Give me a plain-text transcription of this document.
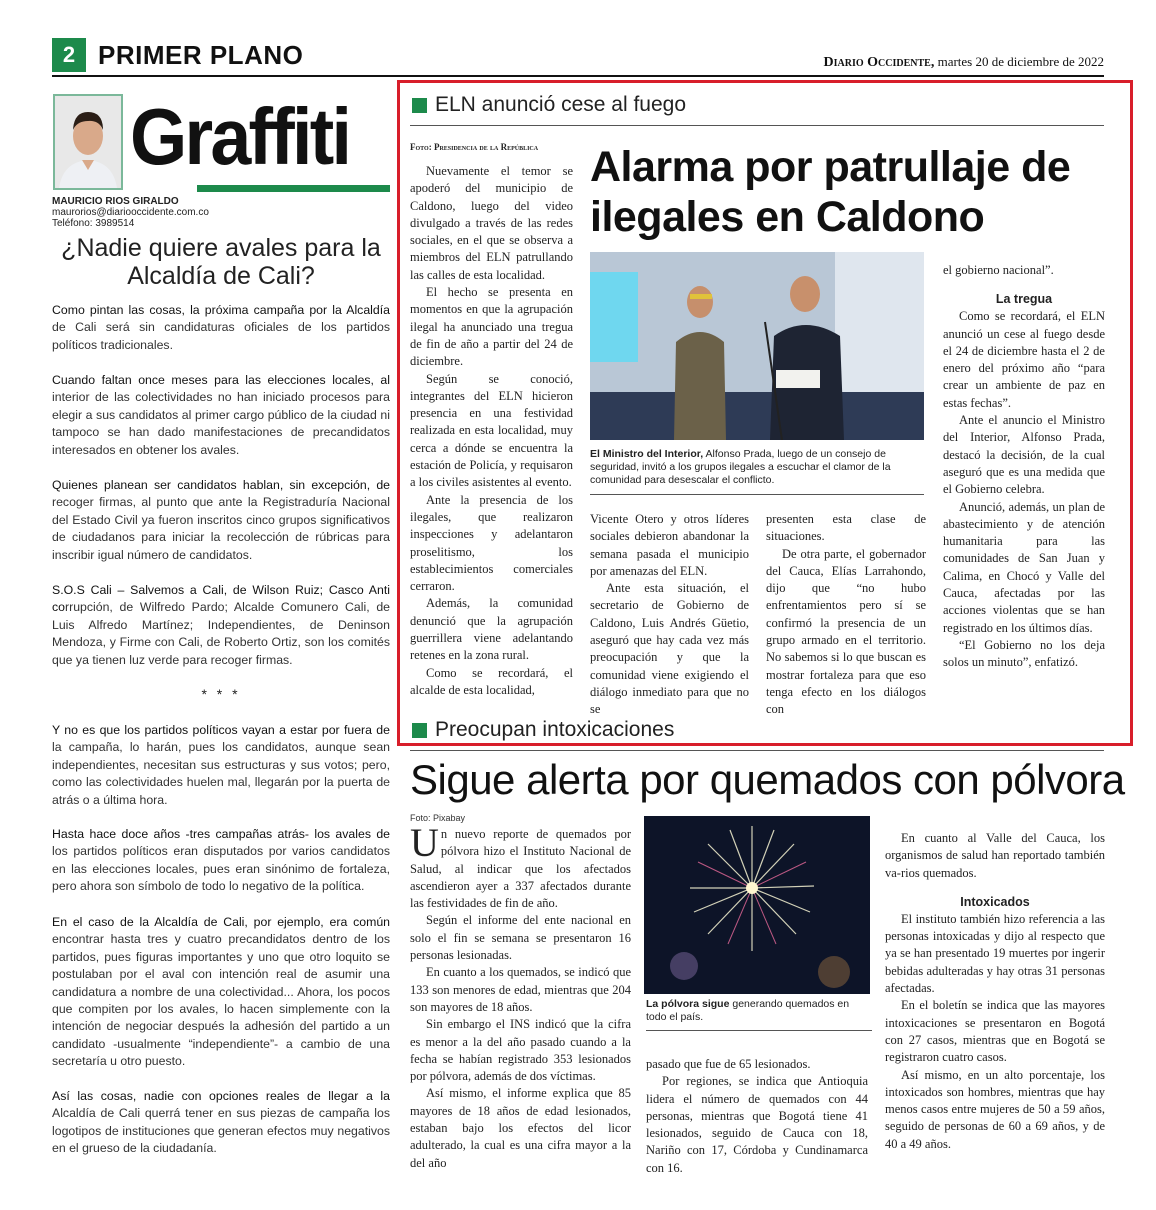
2 PRIMER PLANO	Diario Occidente, martes 20 de diciembre de 2022
Graffiti
MAURICIO RIOS GIRALDO
maurorios@diariooccidente.com.co
Teléfono: 3989514
¿Nadie quiere avales para la Alcaldía de Cali?
Como pintan las cosas, la próxima campaña por la Alcaldía de Cali será sin candidaturas oficiales de los partidos políticos tradicionales.
Cuando faltan once meses para las elecciones locales, al interior de las colectividades no han iniciado procesos para elegir a sus candidatos al primer cargo público de la ciudad ni tampoco se han dado manifestaciones de precandidatos interesados en obtener los avales.
Quienes planean ser candidatos hablan, sin excepción, de recoger firmas, al punto que ante la Registraduría Nacional del Estado Civil ya fueron inscritos cinco grupos significativos de ciudadanos para iniciar la recolección de rúbricas para inscribir igual número de candidatos.
S.O.S Cali – Salvemos a Cali, de Wilson Ruiz; Casco Anti corrupción, de Wilfredo Pardo; Alcalde Comunero Cali, de Luis Alfredo Martínez; Independientes, de Deninson Mendoza, y Firme con Cali, de Roberto Ortiz, son los comités que ya tienen luz verde para recoger firmas.
* * *
Y no es que los partidos políticos vayan a estar por fuera de la campaña, lo harán, pues los candidatos, aunque sean independientes, necesitan sus estructuras y sus votos; pero, como las colectividades huelen mal, llegarán por la puerta de atrás o a última hora.
Hasta hace doce años -tres campañas atrás- los avales de los partidos políticos eran disputados por varios candidatos en las elecciones locales, pues eran sinónimo de fortaleza, pero ahora son símbolo de todo lo negativo de la política.
En el caso de la Alcaldía de Cali, por ejemplo, era común encontrar hasta tres y cuatro precandidatos dentro de los partidos, pues figuras importantes y uno que otro loquito se postulaban por el aval con intención real de asumir una candidatura a nombre de una colectividad... Ahora, los pocos que compiten por los avales, lo hacen simplemente con la intención de negociar después la adhesión del partido a un candidato -usualmente “independiente”- a cambio de una secretaría u otro puesto.
Así las cosas, nadie con opciones reales de llegar a la Alcaldía de Cali querrá tener en sus piezas de campaña los logotipos de instituciones que generan efectos muy negativos en el grueso de la ciudadanía.
ELN anunció cese al fuego
Foto: Presidencia de la República Alarma por patrullaje de ilegales en Caldono

Nuevamente el temor se apoderó del municipio de Caldono, luego del video divulgado a través de las redes sociales, en el que se observa a miembros del ELN patrullando las calles de esta localidad.

El hecho se presenta en momentos en que la agrupación ilegal ha anunciado una tregua de fin de año a partir del 24 de diciembre.

Según se conoció, integrantes del ELN hicieron presencia en una festividad realizada en esta localidad, muy cerca a dónde se encuentra la estación de Policía, y requisaron a los civiles asistentes al evento.

Ante la presencia de los ilegales, que realizaron inspecciones y adelantaron proselitismo, los establecimientos comerciales cerraron.

Además, la comunidad denunció que la agrupación guerrillera viene adelantando retenes en la zona rural.

Como se recordará, el alcalde de esta localidad,

El Ministro del Interior, Alfonso Prada, luego de un consejo de seguridad, invitó a los grupos ilegales a escuchar el clamor de la comunidad para desescalar el conflicto.

Vicente Otero y otros líderes sociales debieron abandonar la semana pasada el municipio por amenazas del ELN.

Ante esta situación, el secretario de Gobierno de Caldono, Luis Andrés Güetio, aseguró que hay cada vez más preocupación y que la comunidad viene exigiendo el diálogo inmediato para que no se

presenten esta clase de situaciones.

De otra parte, el gobernador del Cauca, Elías Larrahondo, dijo que “no hubo enfrentamientos pero sí se confirmó la presencia de un grupo armado en el territorio. No sabemos si lo que buscan es mostrar fortaleza para que eso tenga efecto en los diálogos con

el gobierno nacional”.

La tregua

Como se recordará, el ELN anunció un cese al fuego desde el 24 de diciembre hasta el 2 de enero del próximo año “para crear un ambiente de paz en estas fechas”.

Ante el anuncio el Ministro del Interior, Alfonso Prada, destacó la decisión, de la cual aseguró que es una medida que el Gobierno celebra.

Anunció, además, un plan de abastecimiento y de atención humanitaria para las comunidades de San Juan y Calima, en Chocó y Valle del Cauca, afectadas por las acciones violentas que se han registrado en los últimos días.

“El Gobierno no los deja solos un minuto”, enfatizó.

Preocupan intoxicaciones
Sigue alerta por quemados con pólvora
Foto: Pixabay

Un nuevo reporte de quemados por pólvora hizo el Instituto Nacional de Salud, al indicar que los afectados ascendieron ayer a 337 afectados durante las festividades de fin de año.

Según el informe del ente nacional en solo el fin se semana se presentaron 16 personas lesionadas.

En cuanto a los quemados, se indicó que 133 son menores de edad, mientras que 204 son mayores de 18 años.

Sin embargo el INS indicó que la cifra es menor a la del año pasado cuando a la fecha se habían registrado 353 lesionados por pólvora, además de dos víctimas.

Así mismo, el informe explica que 85 mayores de 18 años de edad lesionados, estaban bajo los efectos del licor adulterado, la cual es una cifra mayor a la del año

La pólvora sigue generando quemados en todo el país.

pasado que fue de 65 lesionados.

Por regiones, se indica que Antioquia lidera el número de quemados con 44 personas, mientras que Bogotá tiene 41 lesionados, seguido de Cauca con 18, Nariño con 17, Córdoba y Cundinamarca con 16.

En cuanto al Valle del Cauca, los organismos de salud han reportado también va-rios quemados.

Intoxicados

El instituto también hizo referencia a las personas intoxicadas y dijo al respecto que ya se han presentado 19 muertes por ingerir bebidas adulteradas y hay otras 31 personas afectadas.

En el boletín se indica que las mayores intoxicaciones se presentaron en Bogotá con 27 casos, mientras que en Bogotá se registraron cuatro casos.

Así mismo, en un alto porcentaje, los intoxicados son hombres, mientras que hay menos casos entre mujeres de 50 a 59 años, seguido de personas de 60 a 69 años, y de 40 a 49 años.
